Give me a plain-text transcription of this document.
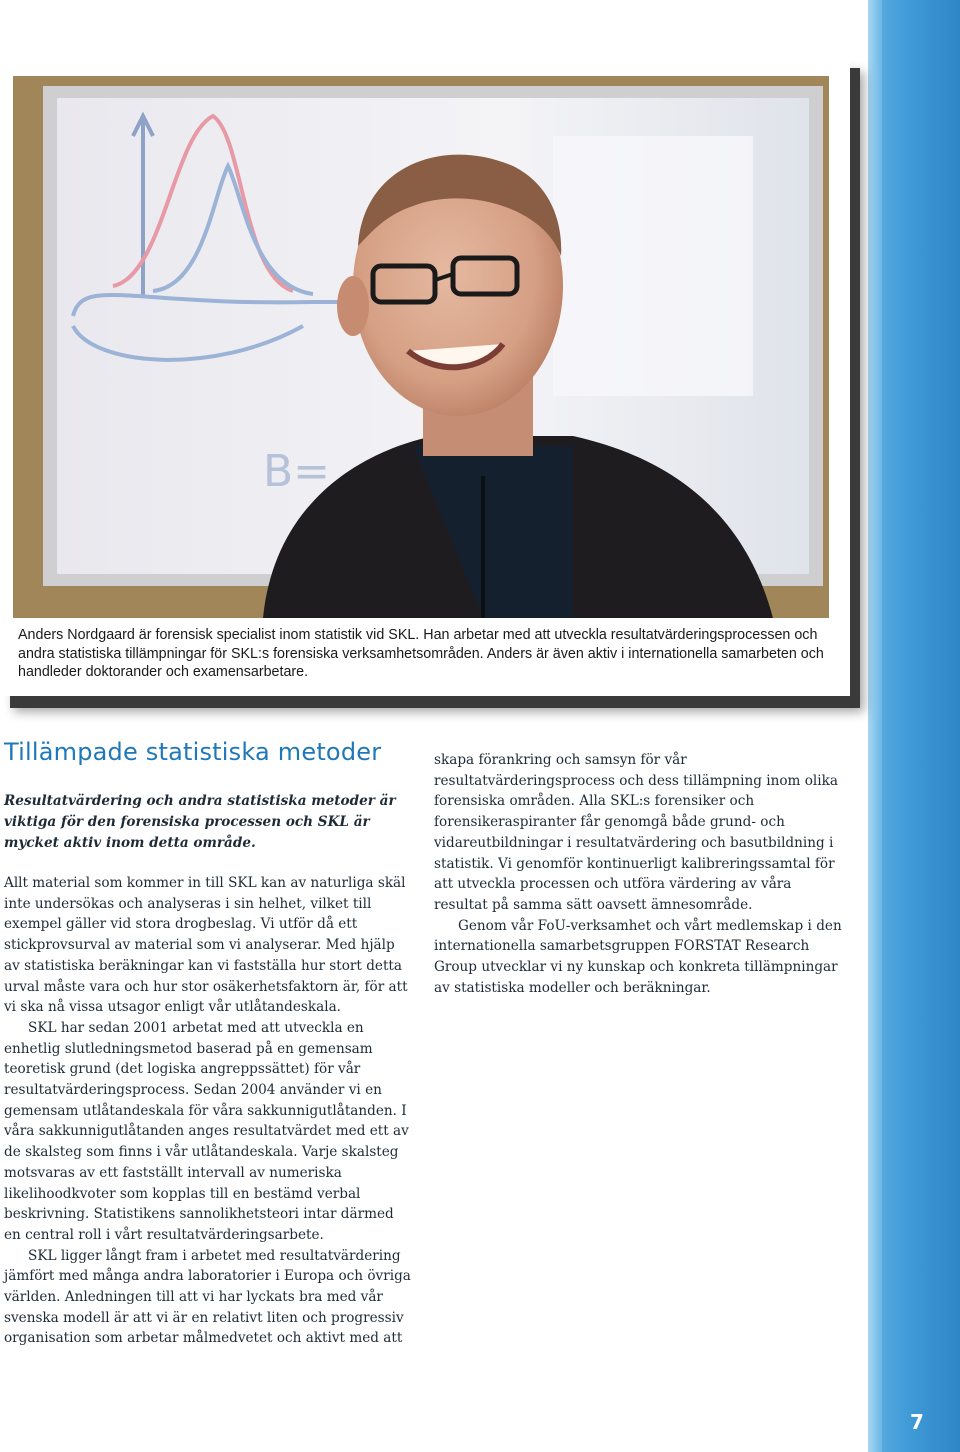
7
B=

Anders Nordgaard är forensisk specialist inom statistik vid SKL. Han arbetar med att utveckla resultatvärderingsprocessen och andra statistiska tillämpningar för SKL:s forensiska verksamhetsområden. Anders är även aktiv i internationella samarbeten och handleder doktorander och examensarbetare.

Tillämpade statistiska metoder

Resultatvärdering och andra statistiska metoder är viktiga för den forensiska processen och SKL är mycket aktiv inom detta område.

Allt material som kommer in till SKL kan av naturliga skäl inte undersökas och analyseras i sin helhet, vilket till exempel gäller vid stora drogbeslag. Vi utför då ett stickprovsurval av material som vi analyserar. Med hjälp av statistiska beräkningar kan vi fastställa hur stort detta urval måste vara och hur stor osäkerhetsfaktorn är, för att vi ska nå vissa utsagor enligt vår utlåtandeskala.

SKL har sedan 2001 arbetat med att utveckla en enhetlig slutledningsmetod baserad på en gemensam teoretisk grund (det logiska angreppssättet) för vår resultatvärderingsprocess. Sedan 2004 använder vi en gemensam utlåtandeskala för våra sakkunnigutlåtanden. I våra sakkunnigutlåtanden anges resultatvärdet med ett av de skalsteg som finns i vår utlåtandeskala. Varje skalsteg motsvaras av ett fastställt intervall av numeriska likelihoodkvoter som kopplas till en bestämd verbal beskrivning. Statistikens sannolikhetsteori intar därmed en central roll i vårt resultatvärderingsarbete.

SKL ligger långt fram i arbetet med resultatvärdering jämfört med många andra laboratorier i Europa och övriga världen. Anledningen till att vi har lyckats bra med vår svenska modell är att vi är en relativt liten och progressiv organisation som arbetar målmedvetet och aktivt med att

skapa förankring och samsyn för vår resultatvärderingsprocess och dess tillämpning inom olika forensiska områden. Alla SKL:s forensiker och forensikeraspiranter får genomgå både grund- och vidareutbildningar i resultatvärdering och basutbildning i statistik. Vi genomför kontinuerligt kalibreringssamtal för att utveckla processen och utföra värdering av våra resultat på samma sätt oavsett ämnesområde.

Genom vår FoU-verksamhet och vårt medlemskap i den internationella samarbetsgruppen FORSTAT Research Group utvecklar vi ny kunskap och konkreta tillämpningar av statistiska modeller och beräkningar.
